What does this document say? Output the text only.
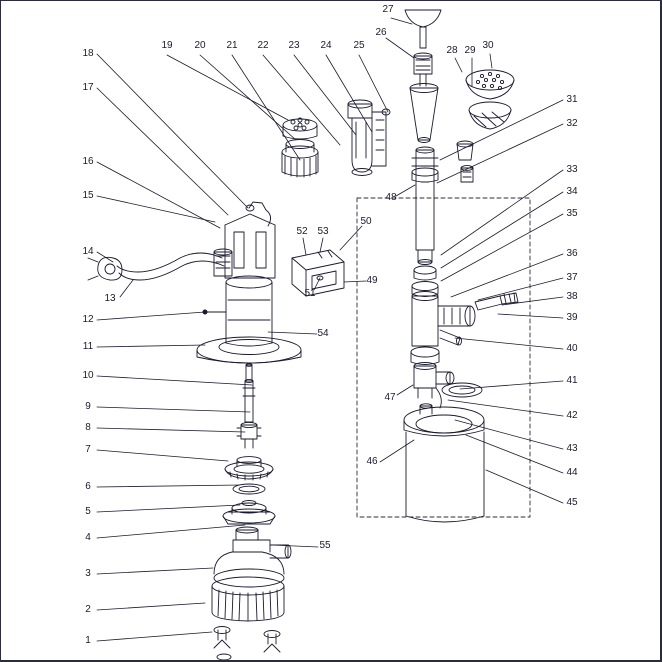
1
2
3
4
5
6
7
8
9
10
11
12
13
14
15
16
17
18
19 20 21 22 23 24 25
26
27
28 29 30
31
32
33
34
35
36
37
38
39
40
41
42
43
44
45
46
47
48
49
50
51
52 53
54
55
